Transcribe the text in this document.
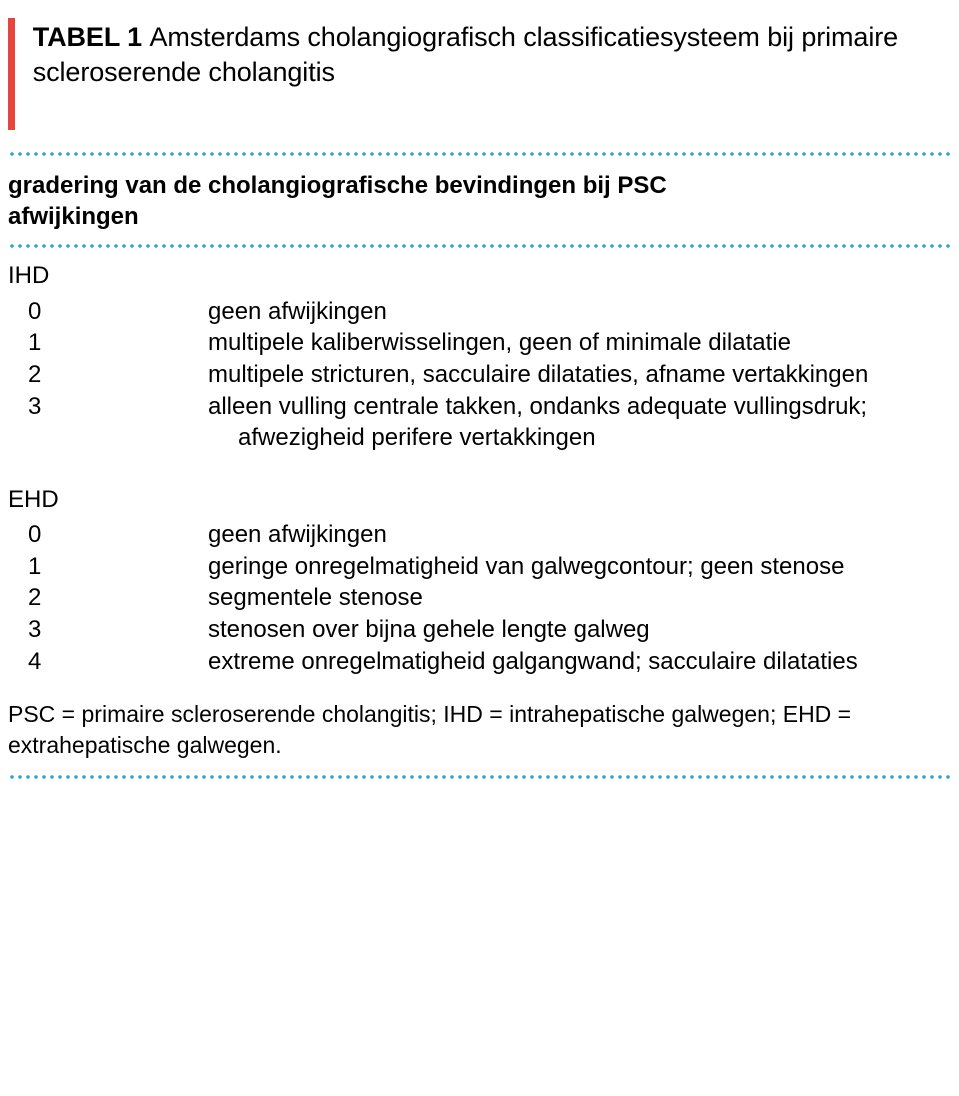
TABEL 1 Amsterdams cholangiografisch classificatiesysteem bij primaire scleroserende cholangitis
gradering van de afwijkingen
cholangiografische bevindingen bij PSC
IHD
0	geen afwijkingen
1	multipele kaliberwisselingen, geen of minimale dilatatie
2	multipele stricturen, sacculaire dilataties, afname vertakkingen
3	alleen vulling centrale takken, ondanks adequate vullingsdruk; afwezigheid perifere vertakkingen
EHD
0	geen afwijkingen
1	geringe onregelmatigheid van galwegcontour; geen stenose
2	segmentele stenose
3	stenosen over bijna gehele lengte galweg
4	extreme onregelmatigheid galgangwand; sacculaire dilataties
PSC = primaire scleroserende cholangitis; IHD = intrahepatische galwegen; EHD = extrahepatische galwegen.
